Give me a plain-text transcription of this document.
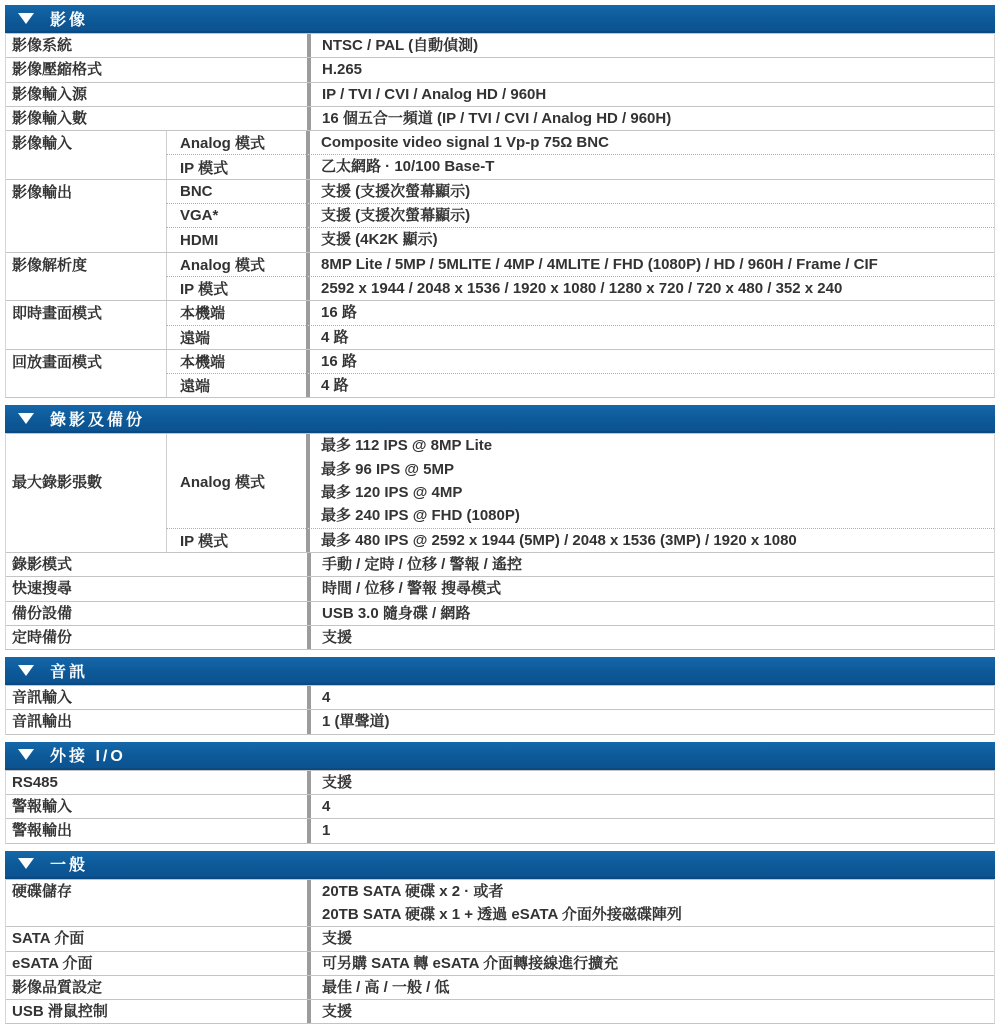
影像
影像系統	NTSC / PAL (自動偵測)
影像壓縮格式	H.265
影像輸入源	IP / TVI / CVI / Analog HD / 960H
影像輸入數	16 個五合一頻道 (IP / TVI / CVI / Analog HD / 960H)
影像輸入	Analog 模式	Composite video signal 1 Vp-p 75Ω BNC
IP 模式	乙太網路 · 10/100 Base-T
影像輸出	BNC	支援 (支援次螢幕顯示)
VGA*	支援 (支援次螢幕顯示)
HDMI	支援 (4K2K 顯示)
影像解析度	Analog 模式	8MP Lite / 5MP / 5MLITE / 4MP / 4MLITE / FHD (1080P) / HD / 960H / Frame / CIF
IP 模式	2592 x 1944 / 2048 x 1536 / 1920 x 1080 / 1280 x 720 / 720 x 480 / 352 x 240
即時畫面模式	本機端	16 路
遠端	4 路
回放畫面模式	本機端	16 路
遠端	4 路
錄影及備份
最大錄影張數	Analog 模式
最多 112 IPS @ 8MP Lite
最多 96 IPS @ 5MP
最多 120 IPS @ 4MP
最多 240 IPS @ FHD (1080P)
IP 模式	最多 480 IPS @ 2592 x 1944 (5MP) / 2048 x 1536 (3MP) / 1920 x 1080
錄影模式	手動 / 定時 / 位移 / 警報 / 遙控
快速搜尋	時間 / 位移 / 警報 搜尋模式
備份設備	USB 3.0 隨身碟 / 網路
定時備份	支援
音訊
音訊輸入	4
音訊輸出	1 (單聲道)
外接 I/O
RS485	支援
警報輸入	4
警報輸出	1
一般
硬碟儲存	20TB SATA 硬碟 x 2 · 或者
20TB SATA 硬碟 x 1 + 透過 eSATA 介面外接磁碟陣列
SATA 介面	支援
eSATA 介面	可另購 SATA 轉 eSATA 介面轉接線進行擴充
影像品質設定	最佳 / 高 / 一般 / 低
USB 滑鼠控制	支援
